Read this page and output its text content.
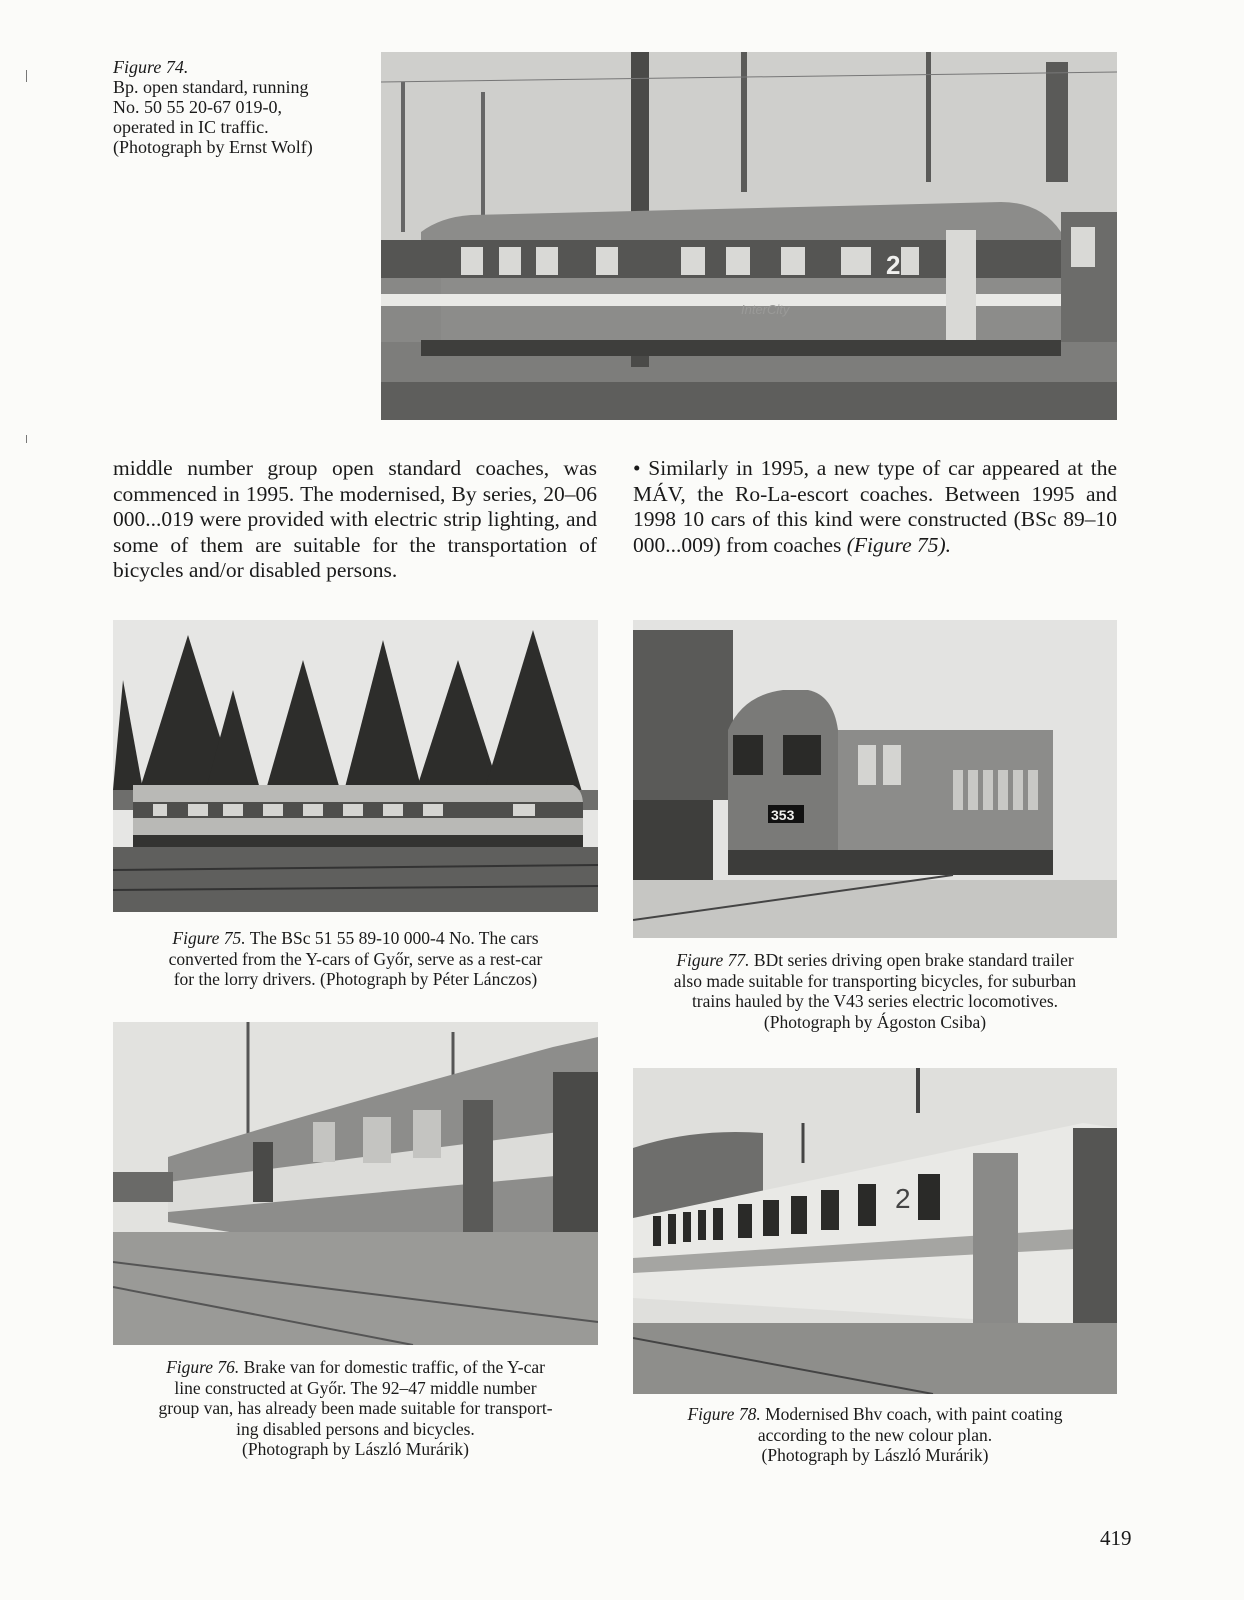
Figure 74.
Bp. open standard, running
No. 50 55 20-67 019-0,
operated in IC traffic.
(Photograph by Ernst Wolf)
2
InterCity
middle number group open standard coaches, was commenced in 1995. The modernised, By series, 20–06 000...019 were provided with electric strip lighting, and some of them are suitable for the transportation of bicycles and/or disabled persons.
• Similarly in 1995, a new type of car appeared at the MÁV, the Ro-La-escort coaches. Between 1995 and 1998 10 cars of this kind were constructed (BSc 89–10 000...009) from coaches (Figure 75).
Figure 75. The BSc 51 55 89-10 000-4 No. The cars
converted from the Y-cars of Győr, serve as a rest-car
for the lorry drivers. (Photograph by Péter Lánczos)
353
Figure 77. BDt series driving open brake standard trailer
also made suitable for transporting bicycles, for suburban
trains hauled by the V43 series electric locomotives.
(Photograph by Ágoston Csiba)
Figure 76. Brake van for domestic traffic, of the Y-car
line constructed at Győr. The 92–47 middle number
group van, has already been made suitable for transport-
ing disabled persons and bicycles.
(Photograph by László Murárik)
2
Figure 78. Modernised Bhv coach, with paint coating
according to the new colour plan.
(Photograph by László Murárik)
419
